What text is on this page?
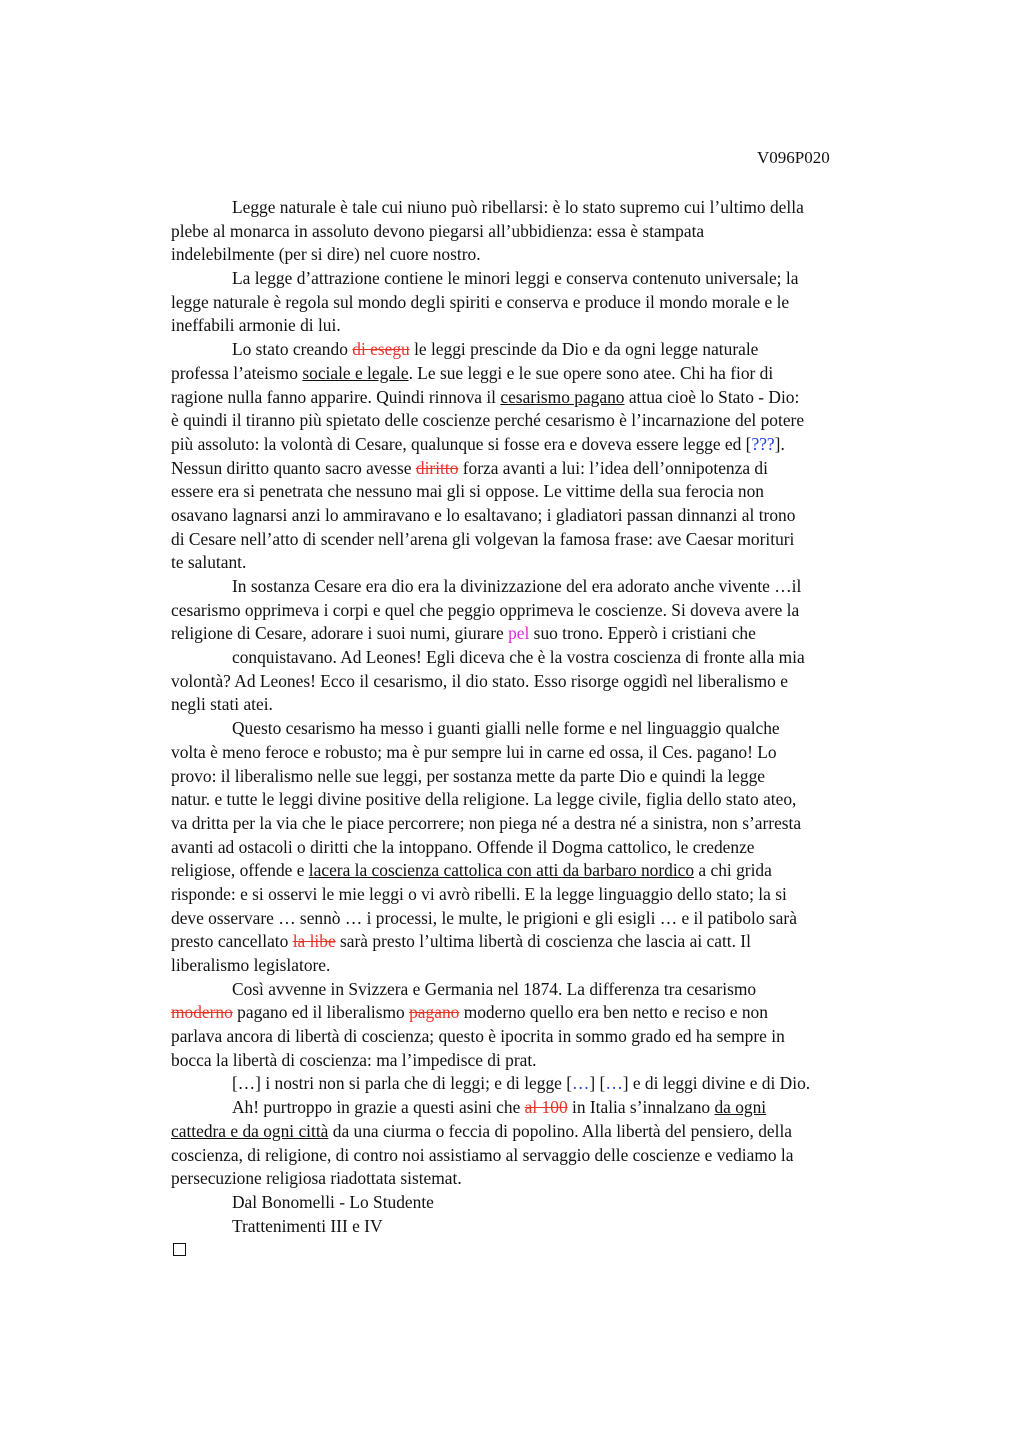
V096P020
Legge naturale è tale cui niuno può ribellarsi: è lo stato supremo cui l’ultimo della
plebe al monarca in assoluto devono piegarsi all’ubbidienza: essa è stampata
indelebilmente (per si dire) nel cuore nostro.
La legge d’attrazione contiene le minori leggi e conserva contenuto universale; la
legge naturale è regola sul mondo degli spiriti e conserva e produce il mondo morale e le
ineffabili armonie di lui.
Lo stato creando di esegu le leggi prescinde da Dio e da ogni legge naturale
professa l’ateismo sociale e legale. Le sue leggi e le sue opere sono atee. Chi ha fior di
ragione nulla fanno apparire. Quindi rinnova il cesarismo pagano attua cioè lo Stato - Dio:
è quindi il tiranno più spietato delle coscienze perché cesarismo è l’incarnazione del potere
più assoluto: la volontà di Cesare, qualunque si fosse era e doveva essere legge ed [???].
Nessun diritto quanto sacro avesse diritto forza avanti a lui: l’idea dell’onnipotenza di
essere era si penetrata che nessuno mai gli si oppose. Le vittime della sua ferocia non
osavano lagnarsi anzi lo ammiravano e lo esaltavano; i gladiatori passan dinnanzi al trono
di Cesare nell’atto di scender nell’arena gli volgevan la famosa frase: ave Caesar morituri
te salutant.
In sostanza Cesare era dio era la divinizzazione del era adorato anche vivente …il
cesarismo opprimeva i corpi e quel che peggio opprimeva le coscienze. Si doveva avere la
religione di Cesare, adorare i suoi numi, giurare pel suo trono. Epperò i cristiani che
conquistavano. Ad Leones! Egli diceva che è la vostra coscienza di fronte alla mia
volontà? Ad Leones! Ecco il cesarismo, il dio stato. Esso risorge oggidì nel liberalismo e
negli stati atei.
Questo cesarismo ha messo i guanti gialli nelle forme e nel linguaggio qualche
volta è meno feroce e robusto; ma è pur sempre lui in carne ed ossa, il Ces. pagano! Lo
provo: il liberalismo nelle sue leggi, per sostanza mette da parte Dio e quindi la legge
natur. e tutte le leggi divine positive della religione. La legge civile, figlia dello stato ateo,
va dritta per la via che le piace percorrere; non piega né a destra né a sinistra, non s’arresta
avanti ad ostacoli o diritti che la intoppano. Offende il Dogma cattolico, le credenze
religiose, offende e lacera la coscienza cattolica con atti da barbaro nordico a chi grida
risponde: e si osservi le mie leggi o vi avrò ribelli. E la legge linguaggio dello stato; la si
deve osservare … sennò … i processi, le multe, le prigioni e gli esigli … e il patibolo sarà
presto cancellato la libe sarà presto l’ultima libertà di coscienza che lascia ai catt. Il
liberalismo legislatore.
Così avvenne in Svizzera e Germania nel 1874. La differenza tra cesarismo
moderno pagano ed il liberalismo pagano moderno quello era ben netto e reciso e non
parlava ancora di libertà di coscienza; questo è ipocrita in sommo grado ed ha sempre in
bocca la libertà di coscienza: ma l’impedisce di prat.
[…] i nostri non si parla che di leggi; e di legge […] […] e di leggi divine e di Dio.
Ah! purtroppo in grazie a questi asini che al 100 in Italia s’innalzano da ogni
cattedra e da ogni città da una ciurma o feccia di popolino. Alla libertà del pensiero, della
coscienza, di religione, di contro noi assistiamo al servaggio delle coscienze e vediamo la
persecuzione religiosa riadottata sistemat.
Dal Bonomelli - Lo Studente
Trattenimenti III e IV
